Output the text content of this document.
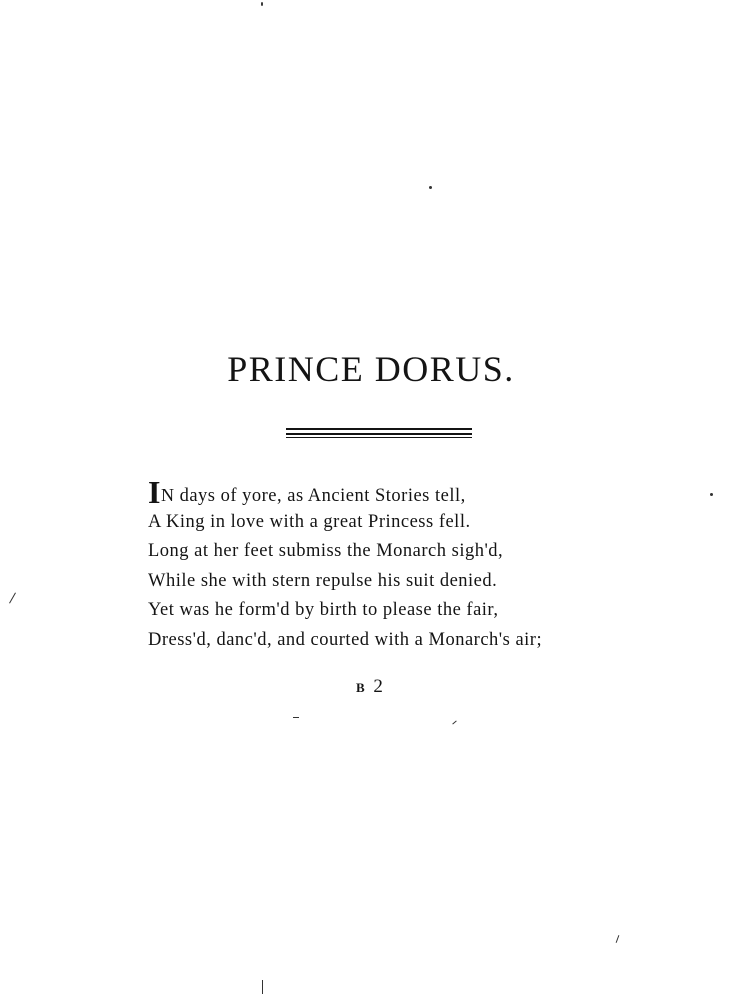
PRINCE DORUS.
IN days of yore, as Ancient Stories tell,
A King in love with a great Princess fell.
Long at her feet submiss the Monarch sigh'd,
While she with stern repulse his suit denied.
Yet was he form'd by birth to please the fair,
Dress'd, danc'd, and courted with a Monarch's air;
B 2
